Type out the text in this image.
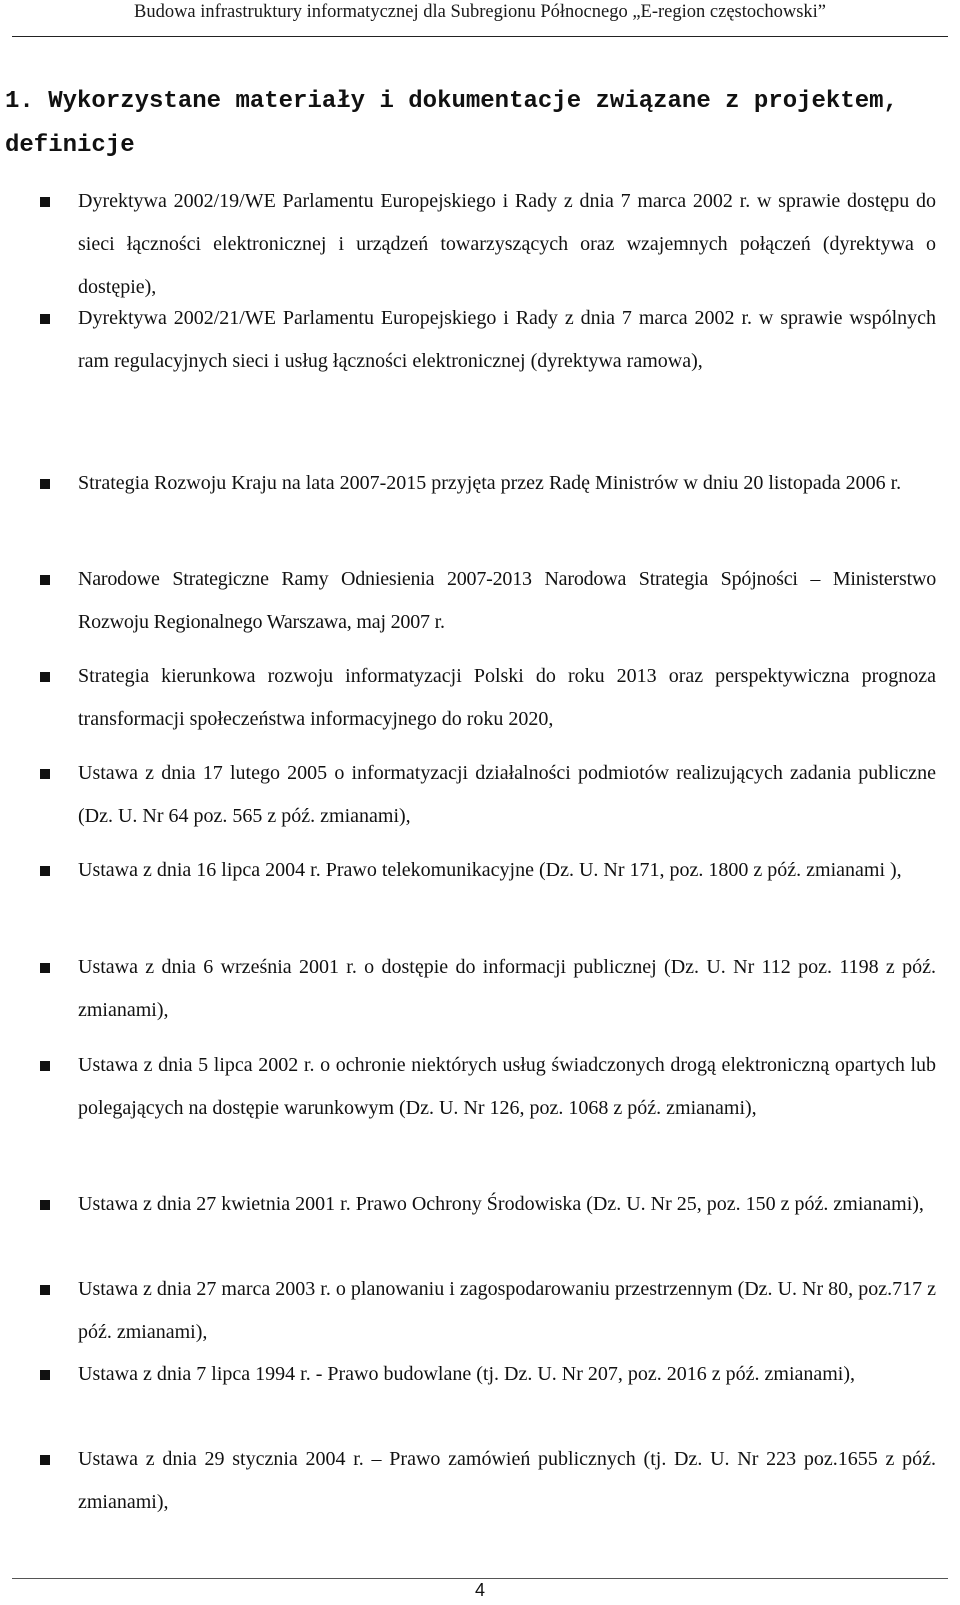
Budowa infrastruktury informatycznej dla Subregionu Północnego „E-region częstochowski”
1. Wykorzystane materiały i dokumentacje związane z projektem, definicje
Dyrektywa 2002/19/WE Parlamentu Europejskiego i Rady z dnia 7 marca 2002 r. w sprawie dostępu do sieci łączności elektronicznej i urządzeń towarzyszących oraz wzajemnych połączeń (dyrektywa o dostępie),
Dyrektywa 2002/21/WE Parlamentu Europejskiego i Rady z dnia 7 marca 2002 r. w sprawie wspólnych ram regulacyjnych sieci i usług łączności elektronicznej (dyrektywa ramowa),
Strategia Rozwoju Kraju na lata 2007-2015 przyjęta przez Radę Ministrów w dniu 20 listopada 2006 r.
Narodowe Strategiczne Ramy Odniesienia 2007-2013 Narodowa Strategia Spójności – Ministerstwo Rozwoju Regionalnego Warszawa, maj 2007 r.
Strategia kierunkowa rozwoju informatyzacji Polski do roku 2013 oraz perspektywiczna prognoza transformacji społeczeństwa informacyjnego do roku 2020,
Ustawa z dnia 17 lutego 2005 o informatyzacji działalności podmiotów realizujących zadania publiczne (Dz. U. Nr 64 poz. 565 z póź. zmianami),
Ustawa z dnia 16 lipca 2004 r. Prawo telekomunikacyjne (Dz. U. Nr 171, poz. 1800 z póź. zmianami ),
Ustawa z dnia 6 września 2001 r. o dostępie do informacji publicznej (Dz. U. Nr 112 poz. 1198 z póź. zmianami),
Ustawa z dnia 5 lipca 2002 r. o ochronie niektórych usług świadczonych drogą elektroniczną opartych lub polegających na dostępie warunkowym (Dz. U. Nr 126, poz. 1068 z póź. zmianami),
Ustawa z dnia 27 kwietnia 2001 r. Prawo Ochrony Środowiska (Dz. U. Nr 25, poz. 150 z póź. zmianami),
Ustawa z dnia 27 marca 2003 r. o planowaniu i zagospodarowaniu przestrzennym (Dz. U. Nr 80, poz.717 z póź. zmianami),
Ustawa z dnia 7 lipca 1994 r. - Prawo budowlane (tj. Dz. U. Nr 207, poz. 2016 z póź. zmianami),
Ustawa z dnia 29 stycznia 2004 r. – Prawo zamówień publicznych (tj. Dz. U. Nr 223 poz.1655 z póź. zmianami),
4
